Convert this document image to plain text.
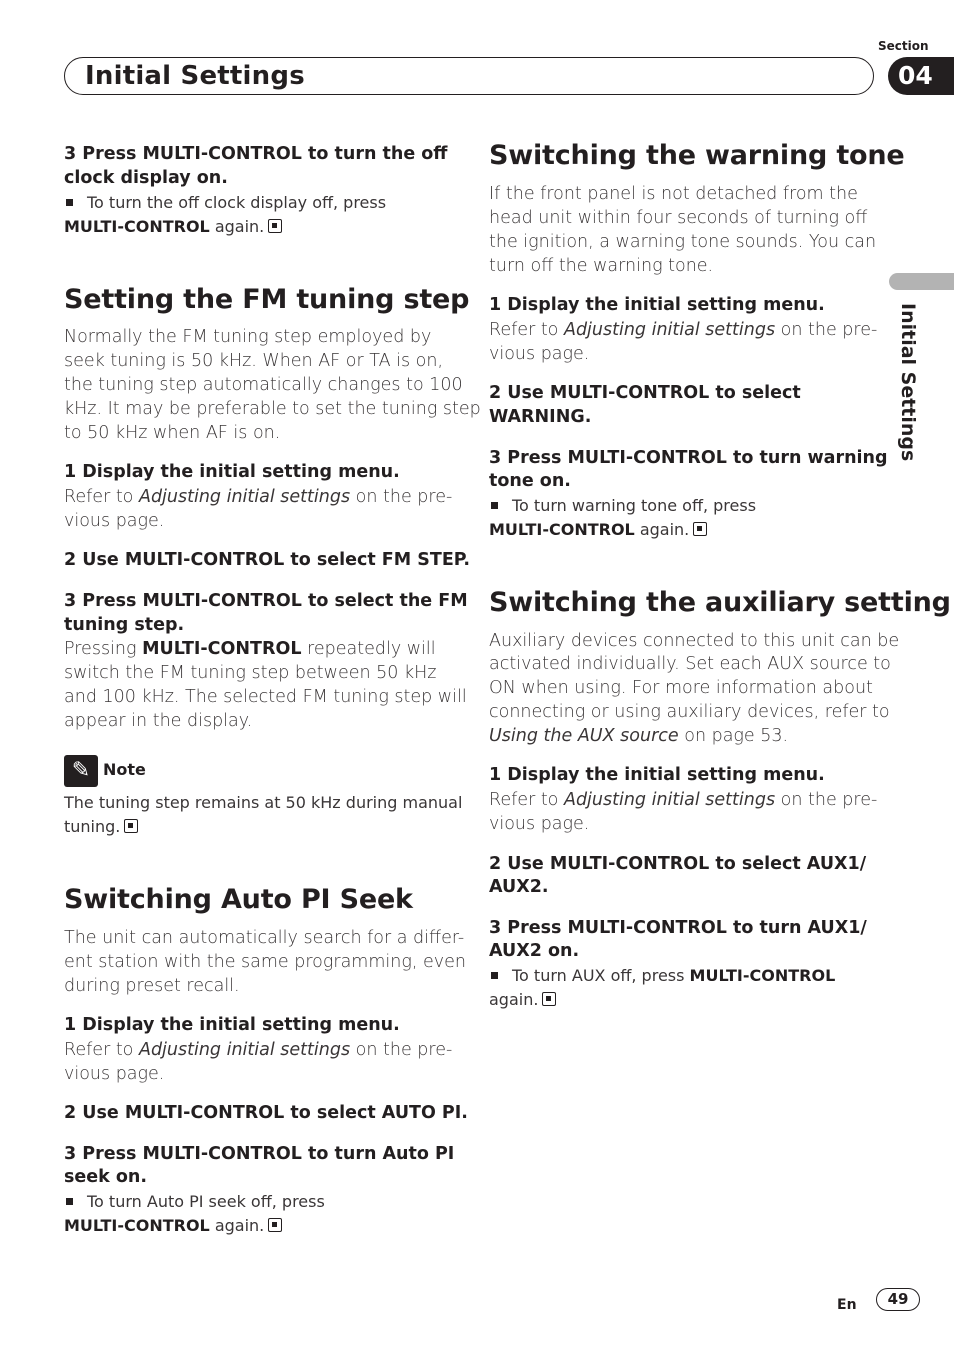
Section
Initial Settings	04
Initial Settings
3 Press MULTI-CONTROL to turn the off
clock display on.
To turn the off clock display off, press
MULTI-CONTROL again.
Setting the FM tuning step
Normally the FM tuning step employed by
seek tuning is 50 kHz. When AF or TA is on,
the tuning step automatically changes to 100
kHz. It may be preferable to set the tuning step
to 50 kHz when AF is on.
1 Display the initial setting menu.
Refer to Adjusting initial settings on the pre-
vious page.
2 Use MULTI-CONTROL to select FM STEP.
3 Press MULTI-CONTROL to select the FM
tuning step.
Pressing MULTI-CONTROL repeatedly will
switch the FM tuning step between 50 kHz
and 100 kHz. The selected FM tuning step will
appear in the display.
✎ Note
The tuning step remains at 50 kHz during manual
tuning.
Switching Auto PI Seek
The unit can automatically search for a differ-
ent station with the same programming, even
during preset recall.
1 Display the initial setting menu.
Refer to Adjusting initial settings on the pre-
vious page.
2 Use MULTI-CONTROL to select AUTO PI.
3 Press MULTI-CONTROL to turn Auto PI
seek on.
To turn Auto PI seek off, press
MULTI-CONTROL again.
Switching the warning tone
If the front panel is not detached from the
head unit within four seconds of turning off
the ignition, a warning tone sounds. You can
turn off the warning tone.
1 Display the initial setting menu.
Refer to Adjusting initial settings on the pre-
vious page.
2 Use MULTI-CONTROL to select
WARNING.
3 Press MULTI-CONTROL to turn warning
tone on.
To turn warning tone off, press
MULTI-CONTROL again.
Switching the auxiliary setting
Auxiliary devices connected to this unit can be
activated individually. Set each AUX source to
ON when using. For more information about
connecting or using auxiliary devices, refer to
Using the AUX source on page 53.
1 Display the initial setting menu.
Refer to Adjusting initial settings on the pre-
vious page.
2 Use MULTI-CONTROL to select AUX1/
AUX2.
3 Press MULTI-CONTROL to turn AUX1/
AUX2 on.
To turn AUX off, press MULTI-CONTROL
again.
En	49
